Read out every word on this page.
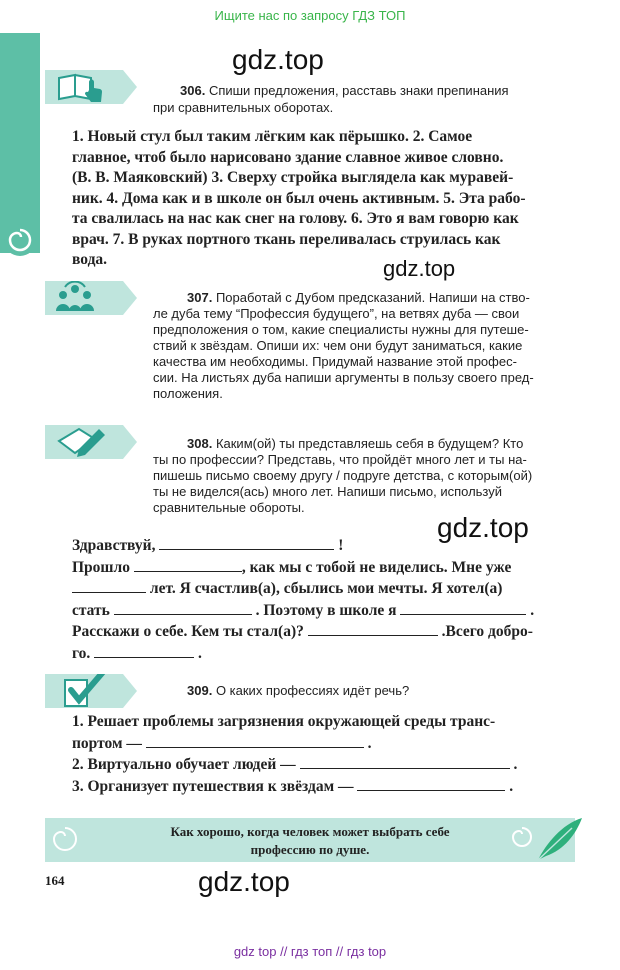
Ищите нас по запросу ГДЗ ТОП
gdz.top
306. Спиши предложения, расставь знаки препинания
при сравнительных оборотах.
1. Новый стул был таким лёгким как пёрышко. 2. Самое
главное, чтоб было нарисовано здание славное живое словно.
(В. В. Маяковский) 3. Сверху стройка выглядела как муравей-
ник. 4. Дома как и в школе он был очень активным. 5. Эта рабо-
та свалилась на нас как снег на голову. 6. Это я вам говорю как
врач. 7. В руках портного ткань переливалась струилась как
вода.	gdz.top
307. Поработай с Дубом предсказаний. Напиши на ство-
ле дуба тему “Профессия будущего”, на ветвях дуба — свои
предположения о том, какие специалисты нужны для путеше-
ствий к звёздам. Опиши их: чем они будут заниматься, какие
качества им необходимы. Придумай название этой профес-
сии. На листьях дуба напиши аргументы в пользу своего пред-
положения.
308. Каким(ой) ты представляешь себя в будущем? Кто
ты по профессии? Представь, что пройдёт много лет и ты на-
пишешь письмо своему другу / подруге детства, с которым(ой)
ты не виделся(ась) много лет. Напиши письмо, используй
сравнительные обороты.
gdz.top
Здравствуй,	!
Прошло	, как мы с тобой не виделись. Мне уже
лет. Я счастлив(а), сбылись мои мечты. Я хотел(а)
стать	. Поэтому в школе я	.
Расскажи о себе. Кем ты стал(а)?	.Всего добро-
го.	.
309. О каких профессиях идёт речь?
1. Решает проблемы загрязнения окружающей среды транс-
портом —	.
2. Виртуально обучает людей —	.
3. Организует путешествия к звёздам —	.
Как хорошо, когда человек может выбрать себе
профессию по душе.
164	gdz.top
gdz top // гдз топ // гдз top
